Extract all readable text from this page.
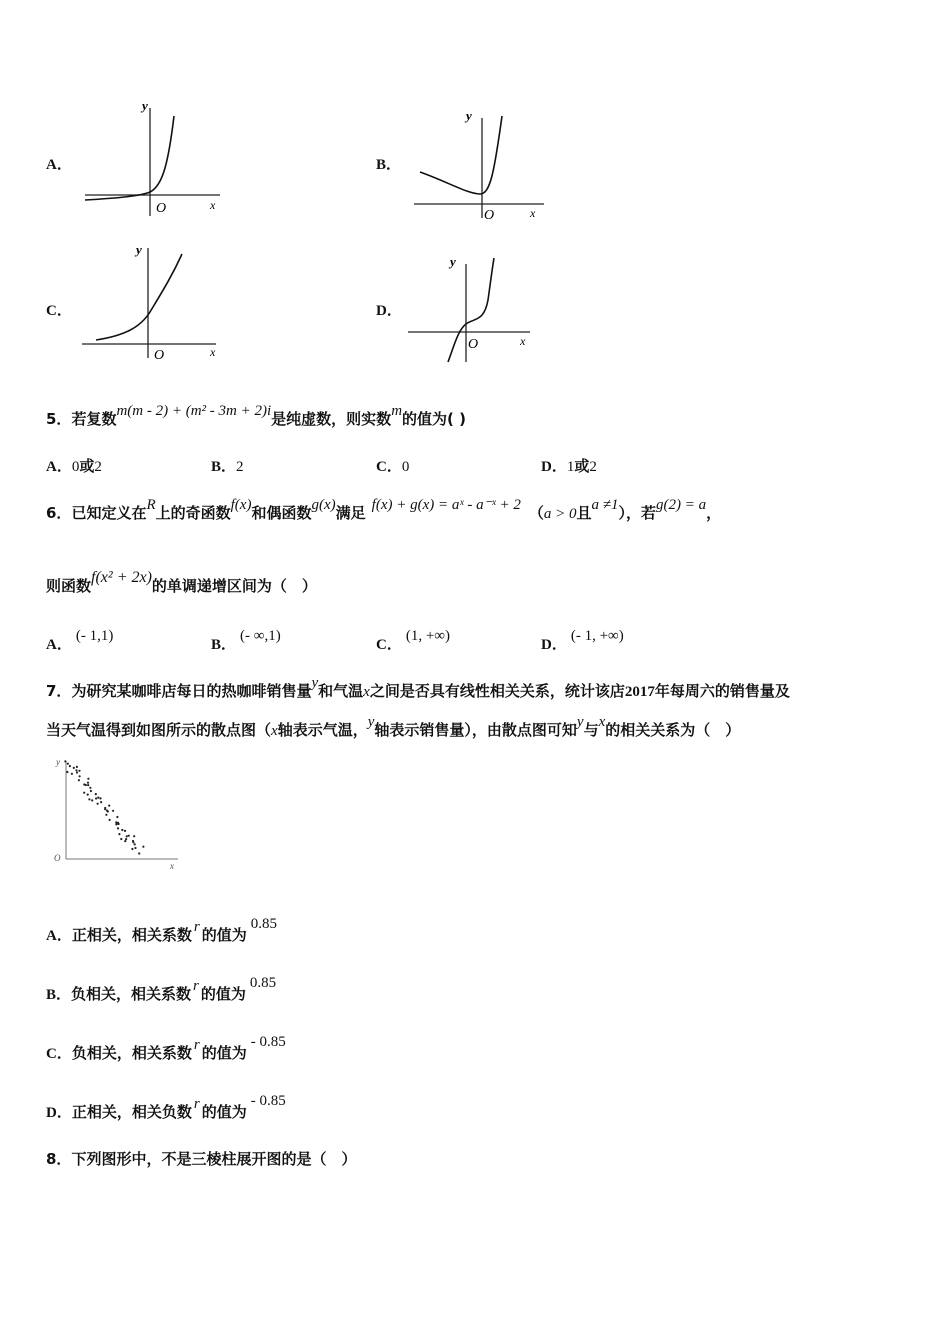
A．
y
O	x
B．
y
O	x
C．
y
O	x
D．
y
O	x
5．若复数m(m - 2) + (m² - 3m + 2)i是纯虚数，则实数m的值为( )
A．0或2	B．2	C．0	D．1或2
6．已知定义在R上的奇函数f(x)和偶函数g(x)满足 f(x) + g(x) = aˣ - a⁻ˣ + 2 （a > 0且a ≠1），若g(2) = a，
则函数f(x² + 2x)的单调递增区间为（　）
A．(- 1,1)
B．(- ∞,1)
C．(1, +∞)
D．(- 1, +∞)
7．为研究某咖啡店每日的热咖啡销售量y和气温x之间是否具有线性相关关系，统计该店2017年每周六的销售量及
当天气温得到如图所示的散点图（x轴表示气温，y轴表示销售量），由散点图可知y与x的相关关系为（　）
y
O
x
A．正相关，相关系数 r 的值为0.85
B．负相关，相关系数 r 的值为0.85
C．负相关，相关系数 r 的值为- 0.85
D．正相关，相关负数 r 的值为- 0.85
8．下列图形中，不是三棱柱展开图的是（　）
